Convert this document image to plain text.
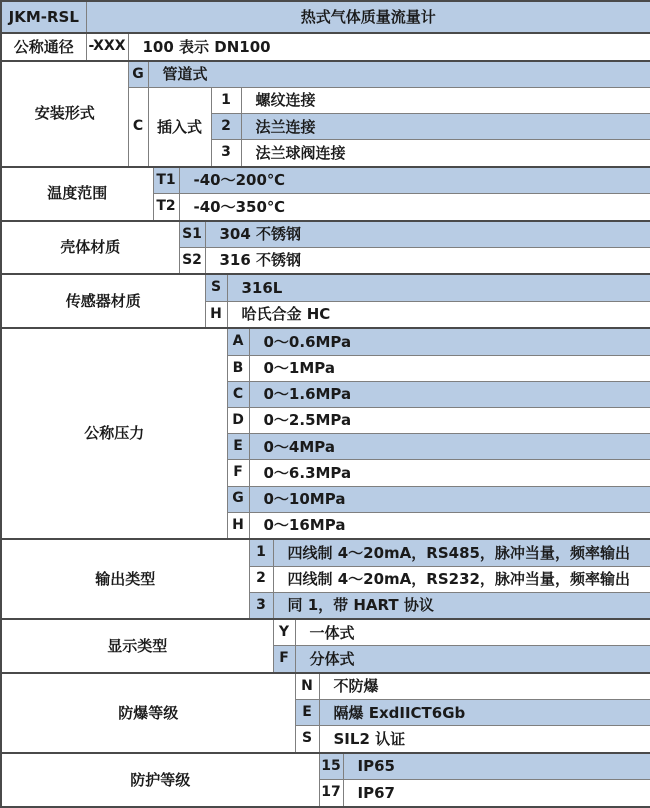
JKM-RSL	热式气体质量流量计													
公称通径	-XXX	100 表示 DN100												
安装形式		G	管道式											
		C	插入式				1		螺纹连接					
							2		法兰连接					
							3		法兰球阀连接					
温度范围				T1	-40～200℃									
				T2	-40～350℃									
壳体材质					S1	304 不锈钢								
					S2	316 不锈钢								
传感器材质						S		316L						
						H		哈氏合金 HC						
公称压力								A		0～0.6MPa				
								B		0～1MPa				
								C		0～1.6MPa				
								D		0～2.5MPa				
								E		0～4MPa				
								F		0～6.3MPa				
								G		0～10MPa				
								H		0～16MPa				
输出类型										1	四线制 4～20mA，RS485，脉冲当量，频率输出			
										2	四线制 4～20mA，RS232，脉冲当量，频率输出			
										3	同 1，带 HART 协议			
显示类型											Y	一体式		
											F	分体式		
防爆等级												N	不防爆	
												E	隔爆 ExdIICT6Gb	
												S	SIL2 认证	
防护等级													15	IP65
													17	IP67
